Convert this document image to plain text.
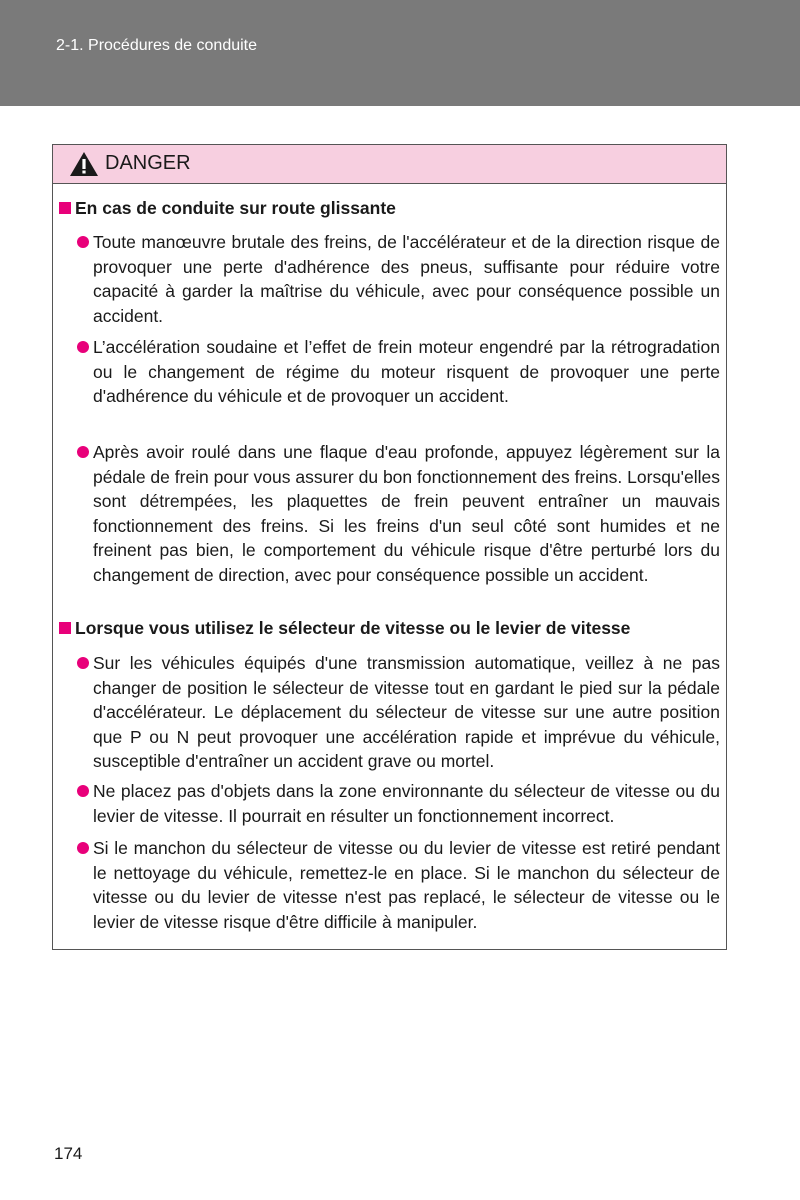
2-1. Procédures de conduite
DANGER
En cas de conduite sur route glissante

Toute manœuvre brutale des freins, de l'accélérateur et de la direction risque de provoquer une perte d'adhérence des pneus, suffisante pour réduire votre capacité à garder la maîtrise du véhicule, avec pour conséquence possible un accident.

L’accélération soudaine et l’effet de frein moteur engendré par la rétrogradation ou le changement de régime du moteur risquent de provoquer une perte d'adhérence du véhicule et de provoquer un accident.

Après avoir roulé dans une flaque d'eau profonde, appuyez légèrement sur la pédale de frein pour vous assurer du bon fonctionnement des freins. Lorsqu'elles sont détrempées, les plaquettes de frein peuvent entraîner un mauvais fonctionnement des freins. Si les freins d'un seul côté sont humides et ne freinent pas bien, le comportement du véhicule risque d'être perturbé lors du changement de direction, avec pour conséquence possible un accident.

Lorsque vous utilisez le sélecteur de vitesse ou le levier de vitesse

Sur les véhicules équipés d'une transmission automatique, veillez à ne pas changer de position le sélecteur de vitesse tout en gardant le pied sur la pédale d'accélérateur. Le déplacement du sélecteur de vitesse sur une autre position que P ou N peut provoquer une accélération rapide et imprévue du véhicule, susceptible d'entraîner un accident grave ou mortel.

Ne placez pas d'objets dans la zone environnante du sélecteur de vitesse ou du levier de vitesse. Il pourrait en résulter un fonctionnement incorrect.

Si le manchon du sélecteur de vitesse ou du levier de vitesse est retiré pendant le nettoyage du véhicule, remettez-le en place. Si le manchon du sélecteur de vitesse ou du levier de vitesse n'est pas replacé, le sélecteur de vitesse ou le levier de vitesse risque d'être difficile à manipuler.

174
